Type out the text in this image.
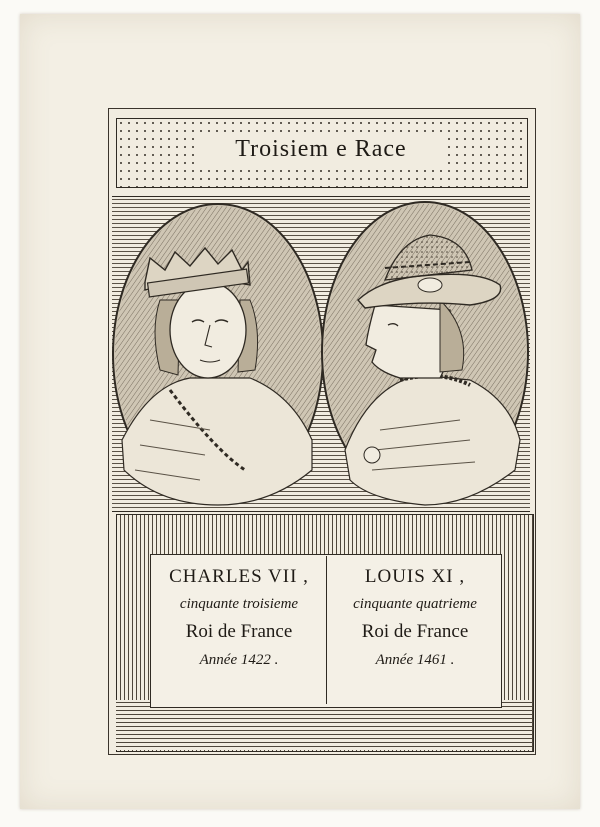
Troisiem e Race
CHARLES VII ,
cinquante troisieme
Roi de France
Année 1422 .
LOUIS XI ,
cinquante quatrieme
Roi de France
Année 1461 .
